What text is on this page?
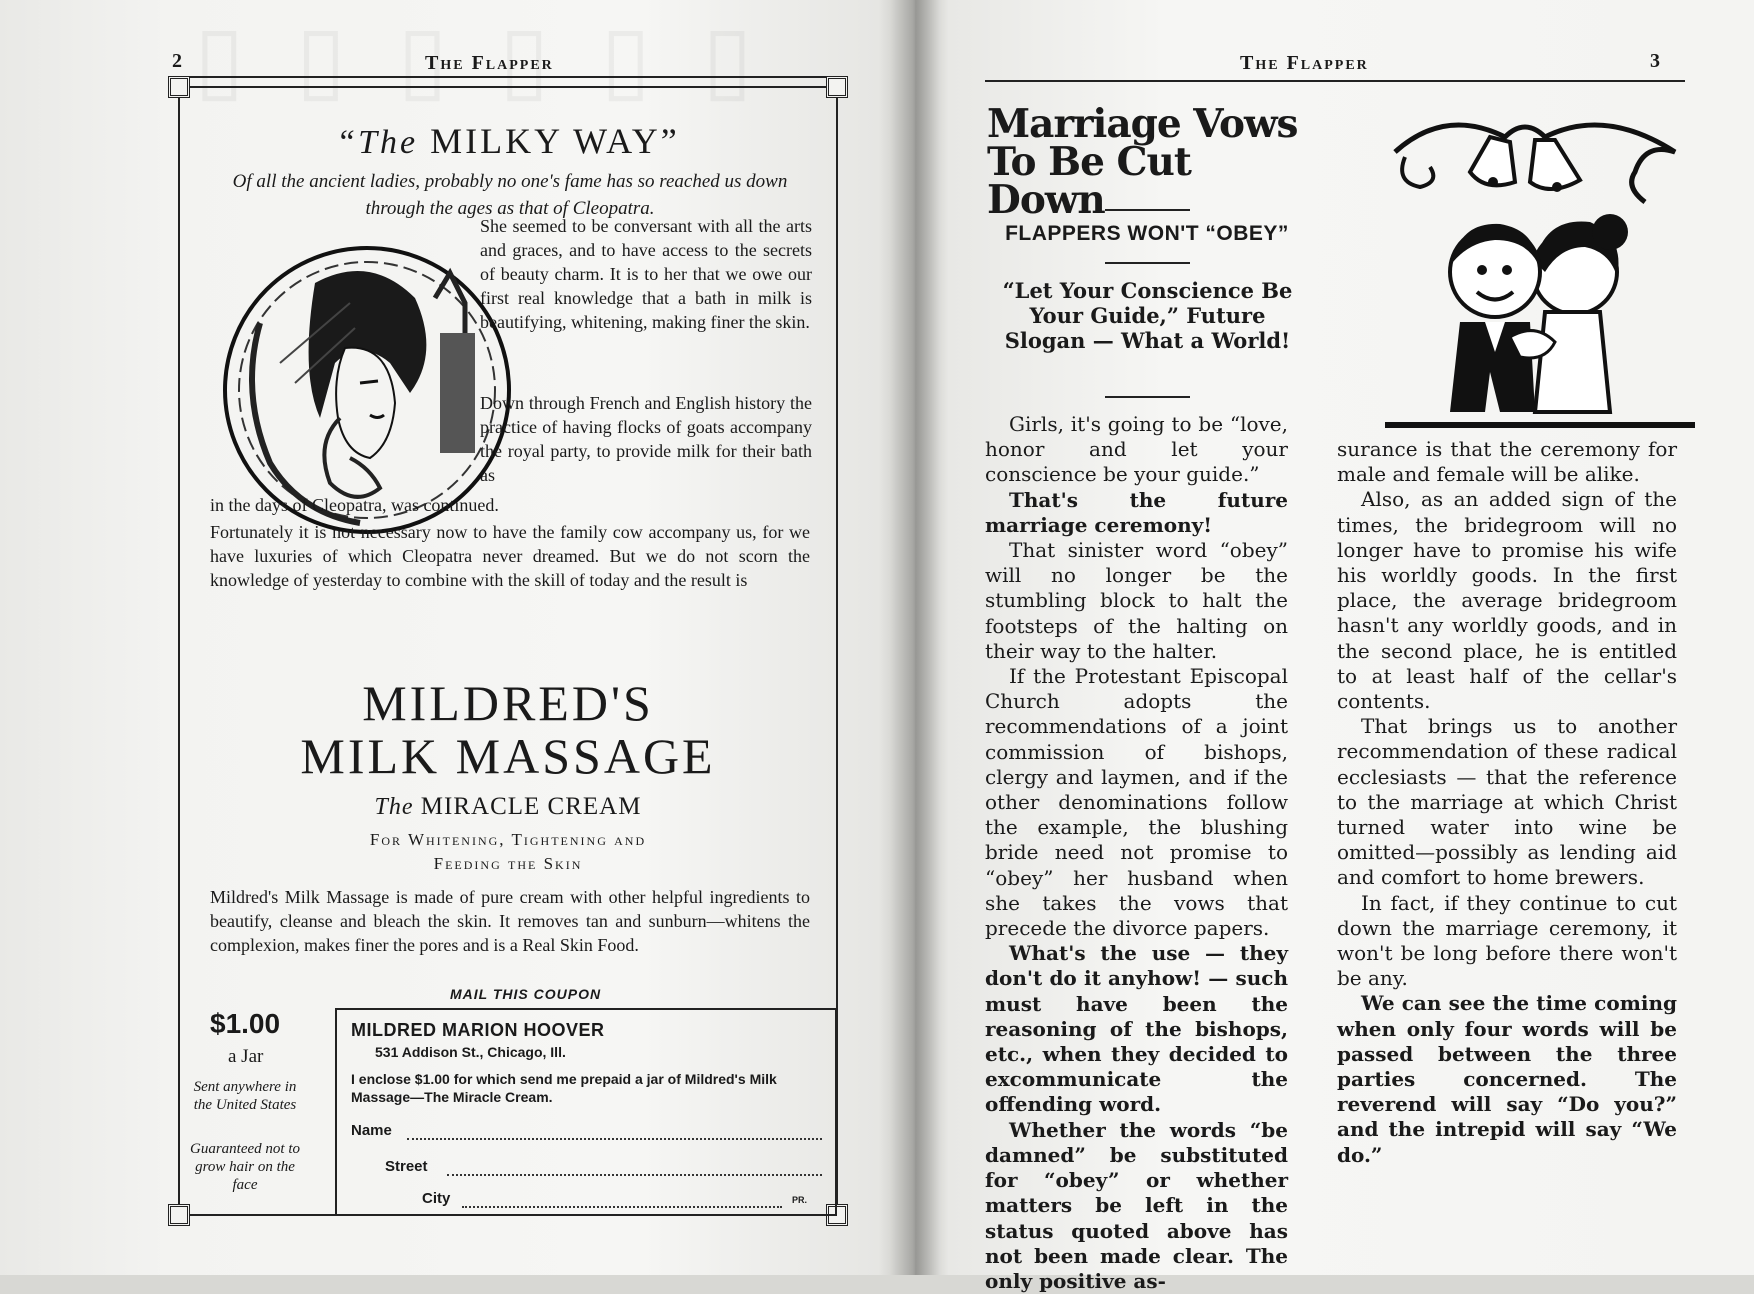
2	The Flapper
“The MILKY WAY”
Of all the ancient ladies, probably no one's fame has so reached us down through the ages as that of Cleopatra.
She seemed to be conversant with all the arts and graces, and to have access to the secrets of beauty charm. It is to her that we owe our first real knowledge that a bath in milk is beautifying, whitening, making finer the skin.
Down through French and English history the practice of having flocks of goats accompany the royal party, to provide milk for their bath as
in the days of Cleopatra, was continued.
Fortunately it is not necessary now to have the family cow accompany us, for we have luxuries of which Cleopatra never dreamed. But we do not scorn the knowledge of yesterday to combine with the skill of today and the result is
MILDRED'S
MILK MASSAGE
The MIRACLE CREAM
For Whitening, Tightening and
Feeding the Skin
Mildred's Milk Massage is made of pure cream with other helpful ingredients to beautify, cleanse and bleach the skin. It removes tan and sunburn—whitens the complexion, makes finer the pores and is a Real Skin Food.
MAIL THIS COUPON
$1.00
a Jar
Sent anywhere in the United States
Guaranteed not to grow hair on the face
MILDRED MARION HOOVER
531 Addison St., Chicago, Ill.
I enclose $1.00 for which send me prepaid a jar of Mildred's Milk Massage—The Miracle Cream.
Name
Street
City	PR.
The Flapper	3
Marriage Vows To Be Cut Down
FLAPPERS WON'T “OBEY”
“Let Your Conscience Be Your Guide,” Future Slogan — What a World!

Girls, it's going to be “love, honor and let your conscience be your guide.”

That's the future marriage ceremony!

That sinister word “obey” will no longer be the stumbling block to halt the footsteps of the halting on their way to the halter.

If the Protestant Episcopal Church adopts the recommendations of a joint commission of bishops, clergy and laymen, and if the other denominations follow the example, the blushing bride need not promise to “obey” her husband when she takes the vows that precede the divorce papers.

What's the use — they don't do it anyhow! — such must have been the reasoning of the bishops, etc., when they decided to excommunicate the offending word.

Whether the words “be damned” be substituted for “obey” or whether matters be left in the status quoted above has not been made clear. The only positive as-

surance is that the ceremony for male and female will be alike.

Also, as an added sign of the times, the bridegroom will no longer have to promise his wife his worldly goods. In the first place, the average bridegroom hasn't any worldly goods, and in the second place, he is entitled to at least half of the cellar's contents.

That brings us to another recommendation of these radical ecclesiasts — that the reference to the marriage at which Christ turned water into wine be omitted—possibly as lending aid and comfort to home brewers.

In fact, if they continue to cut down the marriage ceremony, it won't be long before there won't be any.

We can see the time coming when only four words will be passed between the three parties concerned. The reverend will say “Do you?” and the intrepid will say “We do.”
